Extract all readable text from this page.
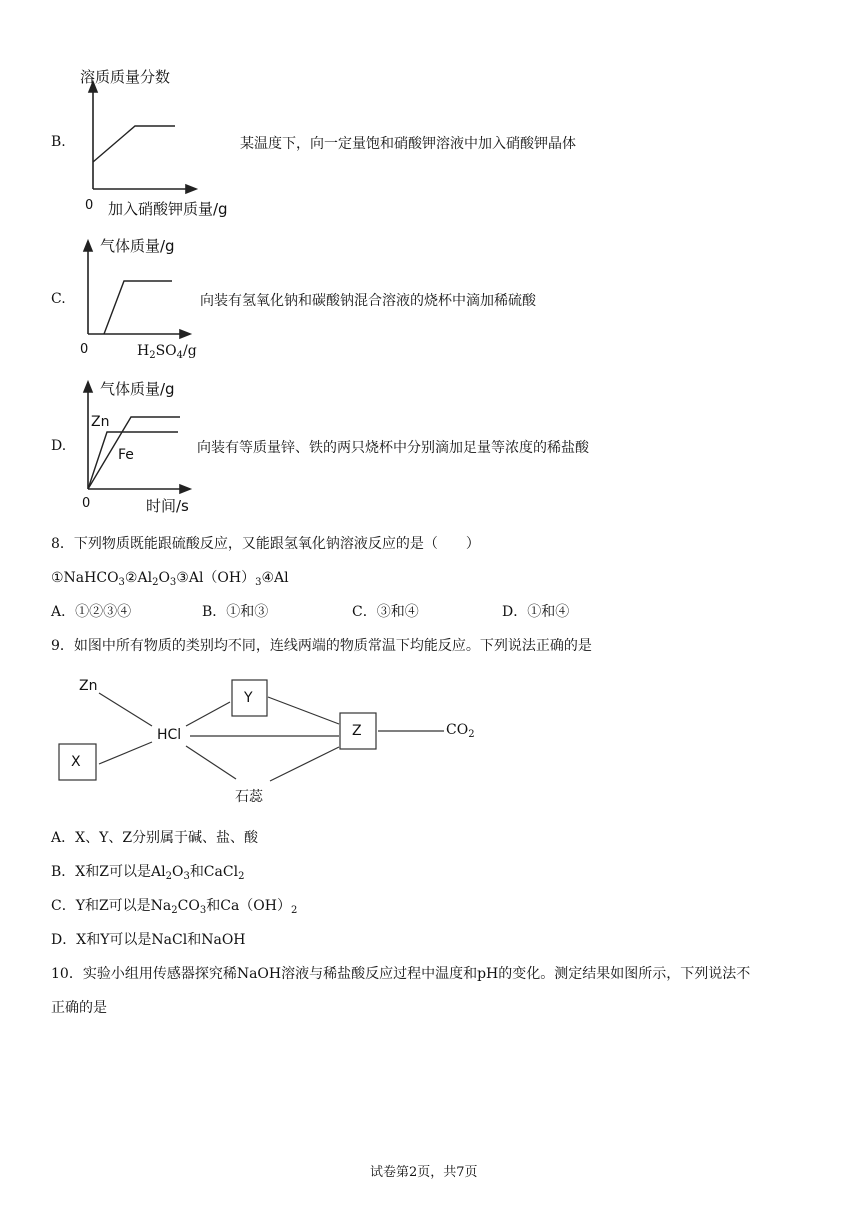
溶质质量分数
B.	某温度下，向一定量饱和硝酸钾溶液中加入硝酸钾晶体
0 加入硝酸钾质量/g
气体质量/g
C.	向装有氢氧化钠和碳酸钠混合溶液的烧杯中滴加稀硫酸
0	$H_2SO_4/g$
气体质量/g
Zn
Fe
D.	向装有等质量锌、铁的两只烧杯中分别滴加足量等浓度的稀盐酸
0	时间/s
8．下列物质既能跟硫酸反应，又能跟氢氧化钠溶液反应的是（　　）
$①NaHCO_3②Al_2O_3③Al(OH)_3④Al$
A．①②③④	B．①和③	C．③和④	D．①和④
9．如图中所有物质的类别均不同，连线两端的物质常温下均能反应。下列说法正确的是
Zn
Y
HCl	Z	$CO_2$
X
石蕊
A．X、Y、Z分别属于碱、盐、酸
B．X和Z可以是$Al_2O_3$和CaCl$_2$
C．Y和Z可以是$Na_2CO_3$和$Ca(OH)_2$
D．X和Y可以是NaCl和NaOH
10．实验小组用传感器探究稀NaOH溶液与稀盐酸反应过程中温度和pH的变化。测定结果如图所示，下列说法不
正确的是
试卷第2页，共7页
